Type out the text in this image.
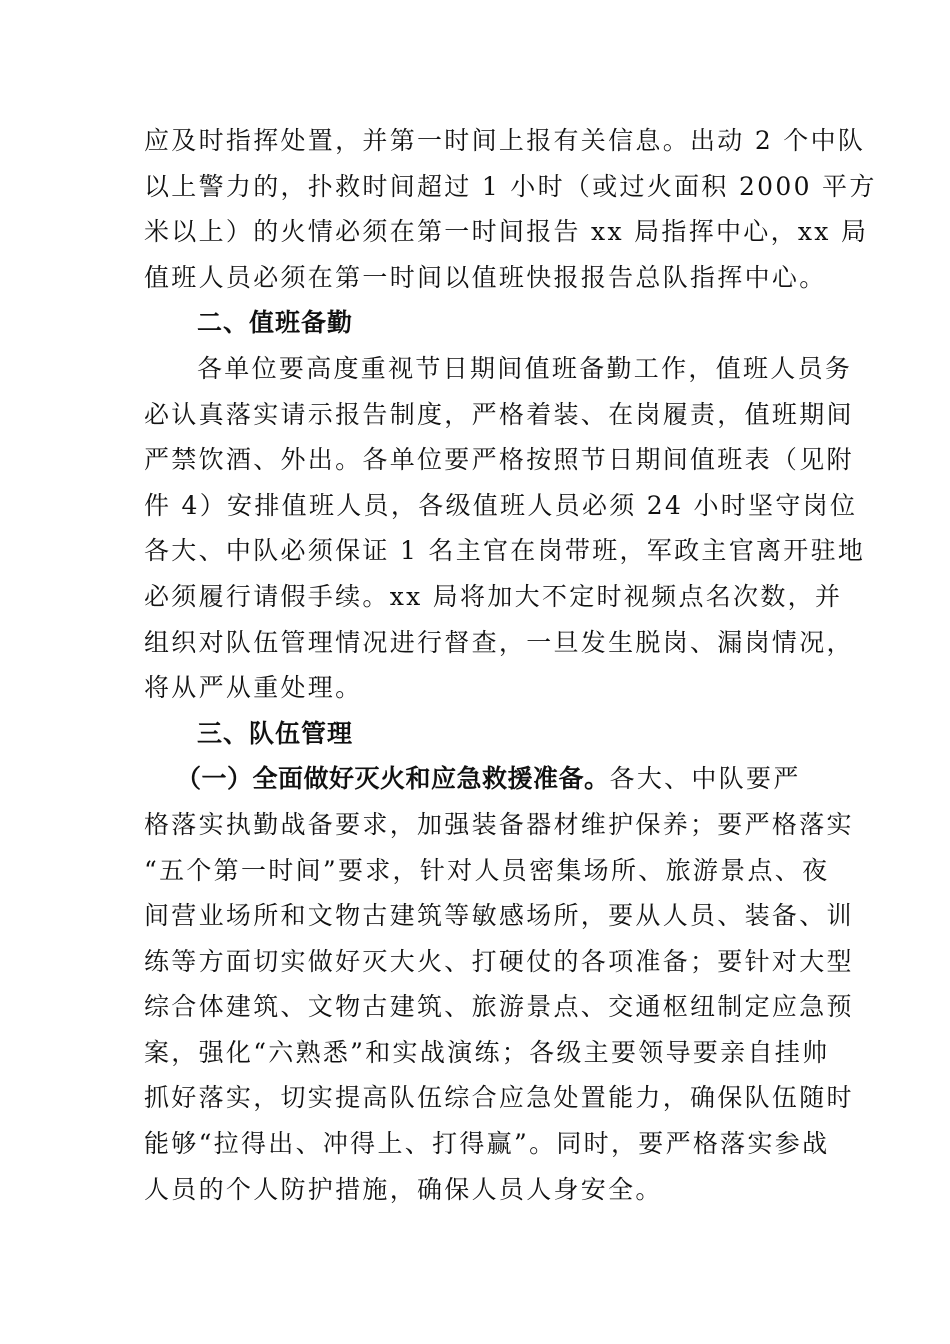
应及时指挥处置，并第一时间上报有关信息。出动 2 个中队
以上警力的，扑救时间超过 1 小时（或过火面积 2000 平方
米以上）的火情必须在第一时间报告 xx 局指挥中心，xx 局
值班人员必须在第一时间以值班快报报告总队指挥中心。
二、值班备勤
各单位要高度重视节日期间值班备勤工作，值班人员务
必认真落实请示报告制度，严格着装、在岗履责，值班期间
严禁饮酒、外出。各单位要严格按照节日期间值班表（见附
件 4）安排值班人员，各级值班人员必须 24 小时坚守岗位
各大、中队必须保证 1 名主官在岗带班，军政主官离开驻地
必须履行请假手续。xx 局将加大不定时视频点名次数，并
组织对队伍管理情况进行督查，一旦发生脱岗、漏岗情况，
将从严从重处理。
三、队伍管理
（一）全面做好灭火和应急救援准备。各大、中队要严
格落实执勤战备要求，加强装备器材维护保养；要严格落实
“五个第一时间”要求，针对人员密集场所、旅游景点、夜
间营业场所和文物古建筑等敏感场所，要从人员、装备、训
练等方面切实做好灭大火、打硬仗的各项准备；要针对大型
综合体建筑、文物古建筑、旅游景点、交通枢纽制定应急预
案，强化“六熟悉”和实战演练；各级主要领导要亲自挂帅
抓好落实，切实提高队伍综合应急处置能力，确保队伍随时
能够“拉得出、冲得上、打得赢”。同时，要严格落实参战
人员的个人防护措施，确保人员人身安全。
